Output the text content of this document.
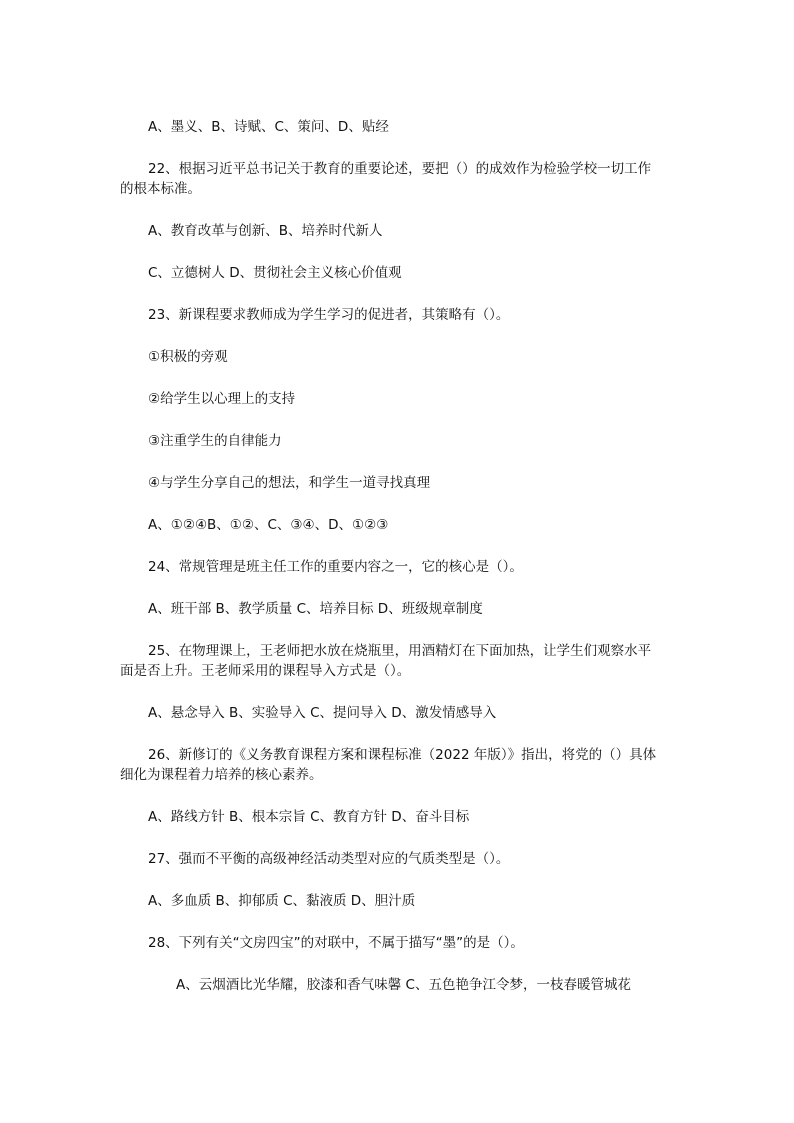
A、墨义、B、诗赋、C、策问、D、贴经

22、根据习近平总书记关于教育的重要论述，要把（）的成效作为检验学校一切工作
的根本标准。

A、教育改革与创新、B、培养时代新人

C、立德树人 D、贯彻社会主义核心价值观

23、新课程要求教师成为学生学习的促进者，其策略有（）。

①积极的旁观

②给学生以心理上的支持

③注重学生的自律能力

④与学生分享自己的想法，和学生一道寻找真理

A、①②④B、①②、C、③④、D、①②③

24、常规管理是班主任工作的重要内容之一，它的核心是（）。

A、班干部 B、教学质量 C、培养目标 D、班级规章制度

25、在物理课上，王老师把水放在烧瓶里，用酒精灯在下面加热，让学生们观察水平
面是否上升。王老师采用的课程导入方式是（）。

A、悬念导入 B、实验导入 C、提问导入 D、激发情感导入

26、新修订的《义务教育课程方案和课程标准（2022 年版）》指出，将党的（）具体
细化为课程着力培养的核心素养。

A、路线方针 B、根本宗旨 C、教育方针 D、奋斗目标

27、强而不平衡的高级神经活动类型对应的气质类型是（）。

A、多血质 B、抑郁质 C、黏液质 D、胆汁质

28、下列有关“文房四宝”的对联中，不属于描写“墨”的是（）。

A、云烟酒比光华耀，胶漆和香气味馨 C、五色艳争江令梦，一枝春暖管城花
